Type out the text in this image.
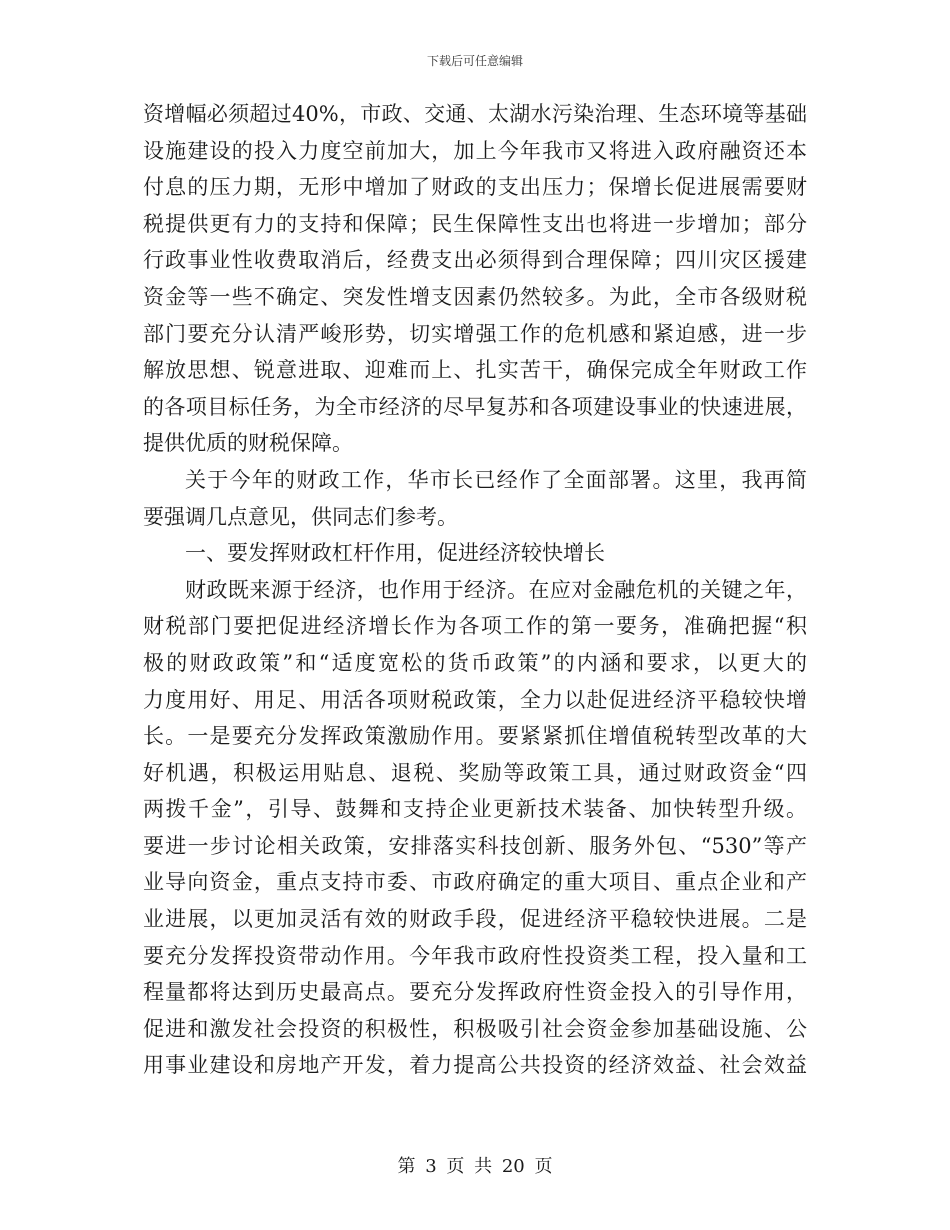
下载后可任意编辑
资增幅必须超过40%，市政、交通、太湖水污染治理、生态环境等基础
设施建设的投入力度空前加大，加上今年我市又将进入政府融资还本
付息的压力期，无形中增加了财政的支出压力；保增长促进展需要财
税提供更有力的支持和保障；民生保障性支出也将进一步增加；部分
行政事业性收费取消后，经费支出必须得到合理保障；四川灾区援建
资金等一些不确定、突发性增支因素仍然较多。为此，全市各级财税
部门要充分认清严峻形势，切实增强工作的危机感和紧迫感，进一步
解放思想、锐意进取、迎难而上、扎实苦干，确保完成全年财政工作
的各项目标任务，为全市经济的尽早复苏和各项建设事业的快速进展，
提供优质的财税保障。
关于今年的财政工作，华市长已经作了全面部署。这里，我再简
要强调几点意见，供同志们参考。
一、要发挥财政杠杆作用，促进经济较快增长
财政既来源于经济，也作用于经济。在应对金融危机的关键之年，
财税部门要把促进经济增长作为各项工作的第一要务，准确把握“积
极的财政政策”和“适度宽松的货币政策”的内涵和要求，以更大的
力度用好、用足、用活各项财税政策，全力以赴促进经济平稳较快增
长。一是要充分发挥政策激励作用。要紧紧抓住增值税转型改革的大
好机遇，积极运用贴息、退税、奖励等政策工具，通过财政资金“四
两拨千金”，引导、鼓舞和支持企业更新技术装备、加快转型升级。
要进一步讨论相关政策，安排落实科技创新、服务外包、“530”等产
业导向资金，重点支持市委、市政府确定的重大项目、重点企业和产
业进展，以更加灵活有效的财政手段，促进经济平稳较快进展。二是
要充分发挥投资带动作用。今年我市政府性投资类工程，投入量和工
程量都将达到历史最高点。要充分发挥政府性资金投入的引导作用，
促进和激发社会投资的积极性，积极吸引社会资金参加基础设施、公
用事业建设和房地产开发，着力提高公共投资的经济效益、社会效益
第 3 页 共 20 页
